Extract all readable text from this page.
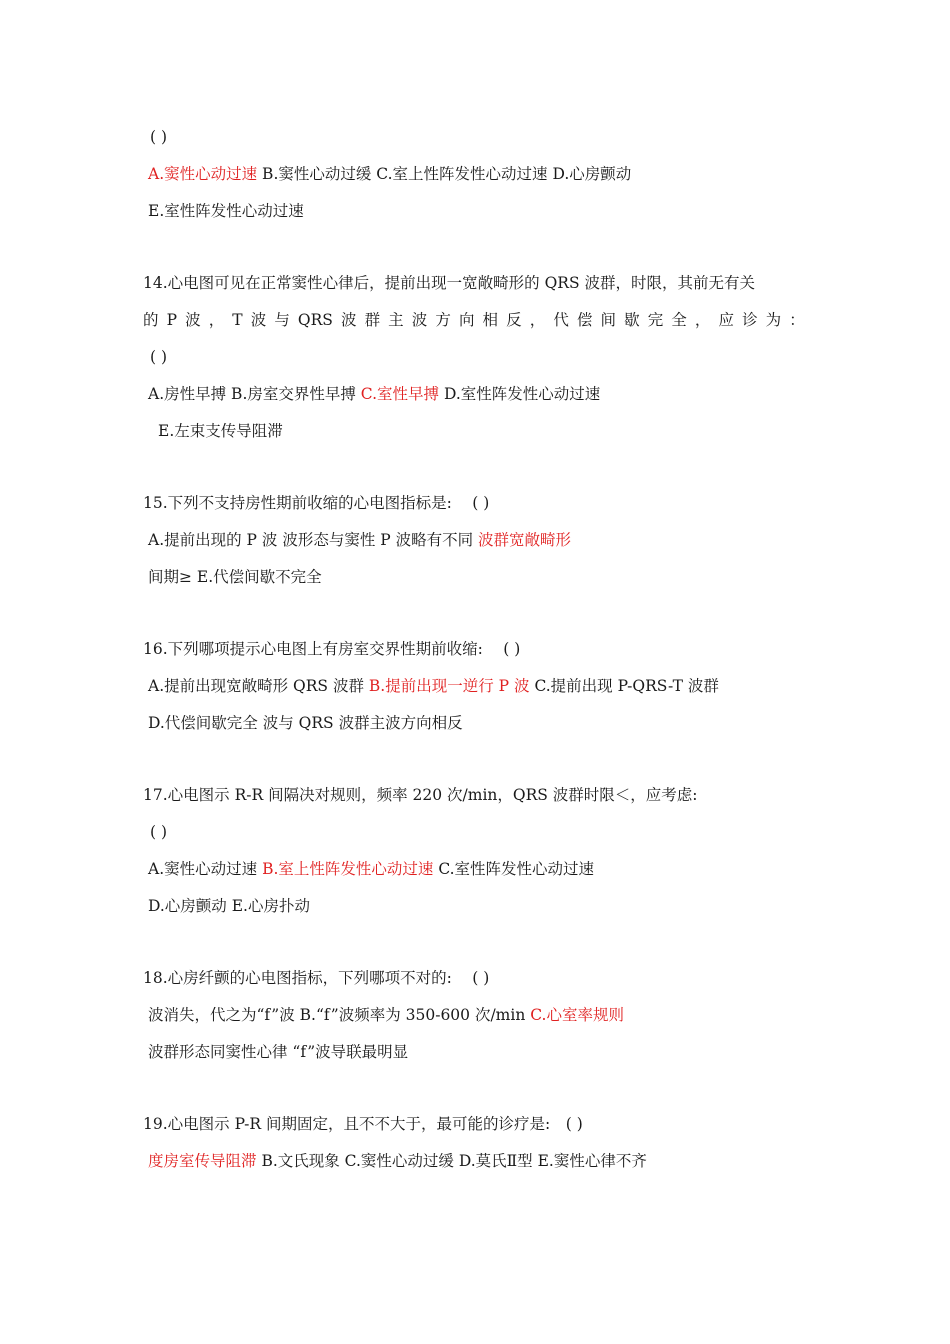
( )
A.窦性心动过速 B.窦性心动过缓 C.室上性阵发性心动过速 D.心房颤动
E.室性阵发性心动过速
14.心电图可见在正常窦性心律后，提前出现一宽敞畸形的 QRS 波群，时限，其前无有关
的 P 波 ， T 波 与 QRS 波 群 主 波 方 向 相 反 ， 代 偿 间 歇 完 全 ， 应 诊 为 ：
( )
A.房性早搏 B.房室交界性早搏 C.室性早搏 D.室性阵发性心动过速
E.左束支传导阻滞
15.下列不支持房性期前收缩的心电图指标是:　 ( )
A.提前出现的 P 波 波形态与窦性 P 波略有不同 波群宽敞畸形
间期≥ E.代偿间歇不完全
16.下列哪项提示心电图上有房室交界性期前收缩:　 ( )
A.提前出现宽敞畸形 QRS 波群 B.提前出现一逆行 P 波 C.提前出现 P-QRS-T 波群
D.代偿间歇完全 波与 QRS 波群主波方向相反
17.心电图示 R-R 间隔决对规则，频率 220 次/min，QRS 波群时限＜，应考虑:
( )
A.窦性心动过速 B.室上性阵发性心动过速 C.室性阵发性心动过速
D.心房颤动 E.心房扑动
18.心房纤颤的心电图指标，下列哪项不对的:　 ( )
波消失，代之为“f”波 B.“f”波频率为 350-600 次/min C.心室率规则
波群形态同窦性心律 “f”波导联最明显
19.心电图示 P-R 间期固定，且不不大于，最可能的诊疗是:　( )
度房室传导阻滞 B.文氏现象 C.窦性心动过缓 D.莫氏Ⅱ型 E.窦性心律不齐
